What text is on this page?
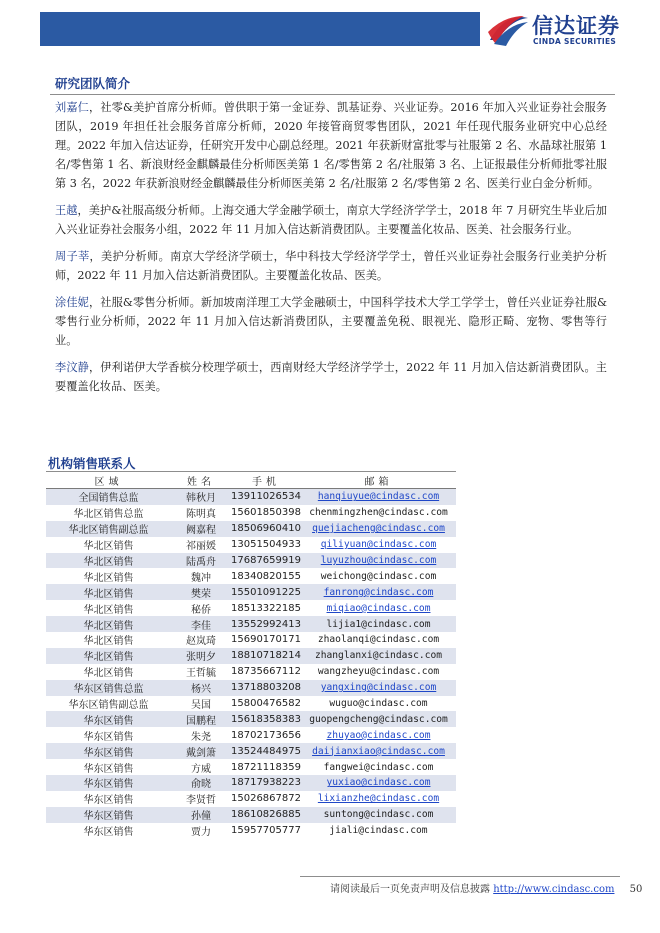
信达证券
CINDA SECURITIES
研究团队简介

刘嘉仁，社零&美护首席分析师。曾供职于第一金证券、凯基证券、兴业证券。2016 年加入兴业证券社会服务团队，2019 年担任社会服务首席分析师，2020 年接管商贸零售团队，2021 年任现代服务业研究中心总经理。2022 年加入信达证券，任研究开发中心副总经理。2021 年获新财富批零与社服第 2 名、水晶球社服第 1 名/零售第 1 名、新浪财经金麒麟最佳分析师医美第 1 名/零售第 2 名/社服第 3 名、上证报最佳分析师批零社服第 3 名，2022 年获新浪财经金麒麟最佳分析师医美第 2 名/社服第 2 名/零售第 2 名、医美行业白金分析师。

王越，美护&社服高级分析师。上海交通大学金融学硕士，南京大学经济学学士，2018 年 7 月研究生毕业后加入兴业证券社会服务小组，2022 年 11 月加入信达新消费团队。主要覆盖化妆品、医美、社会服务行业。

周子莘，美护分析师。南京大学经济学硕士，华中科技大学经济学学士，曾任兴业证券社会服务行业美护分析师，2022 年 11 月加入信达新消费团队。主要覆盖化妆品、医美。

涂佳妮，社服&零售分析师。新加坡南洋理工大学金融硕士，中国科学技术大学工学学士，曾任兴业证券社服&零售行业分析师，2022 年 11 月加入信达新消费团队，主要覆盖免税、眼视光、隐形正畸、宠物、零售等行业。

李汶静，伊利诺伊大学香槟分校理学硕士，西南财经大学经济学学士，2022 年 11 月加入信达新消费团队。主要覆盖化妆品、医美。

机构销售联系人
区域	姓名	手机	邮箱
全国销售总监	韩秋月	13911026534	hanqiuyue@cindasc.com
华北区销售总监	陈明真	15601850398	chenmingzhen@cindasc.com
华北区销售副总监	阙嘉程	18506960410	quejiacheng@cindasc.com
华北区销售	祁丽媛	13051504933	qiliyuan@cindasc.com
华北区销售	陆禹舟	17687659919	luyuzhou@cindasc.com
华北区销售	魏冲	18340820155	weichong@cindasc.com
华北区销售	樊荣	15501091225	fanrong@cindasc.com
华北区销售	秘侨	18513322185	miqiao@cindasc.com
华北区销售	李佳	13552992413	lijia1@cindasc.com
华北区销售	赵岚琦	15690170171	zhaolanqi@cindasc.com
华北区销售	张明夕	18810718214	zhanglanxi@cindasc.com
华北区销售	王哲毓	18735667112	wangzheyu@cindasc.com
华东区销售总监	杨兴	13718803208	yangxing@cindasc.com
华东区销售副总监	吴国	15800476582	wuguo@cindasc.com
华东区销售	国鹏程	15618358383	guopengcheng@cindasc.com
华东区销售	朱尧	18702173656	zhuyao@cindasc.com
华东区销售	戴剑箫	13524484975	daijianxiao@cindasc.com
华东区销售	方威	18721118359	fangwei@cindasc.com
华东区销售	俞晓	18717938223	yuxiao@cindasc.com
华东区销售	李贤哲	15026867872	lixianzhe@cindasc.com
华东区销售	孙僮	18610826885	suntong@cindasc.com
华东区销售	贾力	15957705777	jiali@cindasc.com
请阅读最后一页免责声明及信息披露 http://www.cindasc.com 50
